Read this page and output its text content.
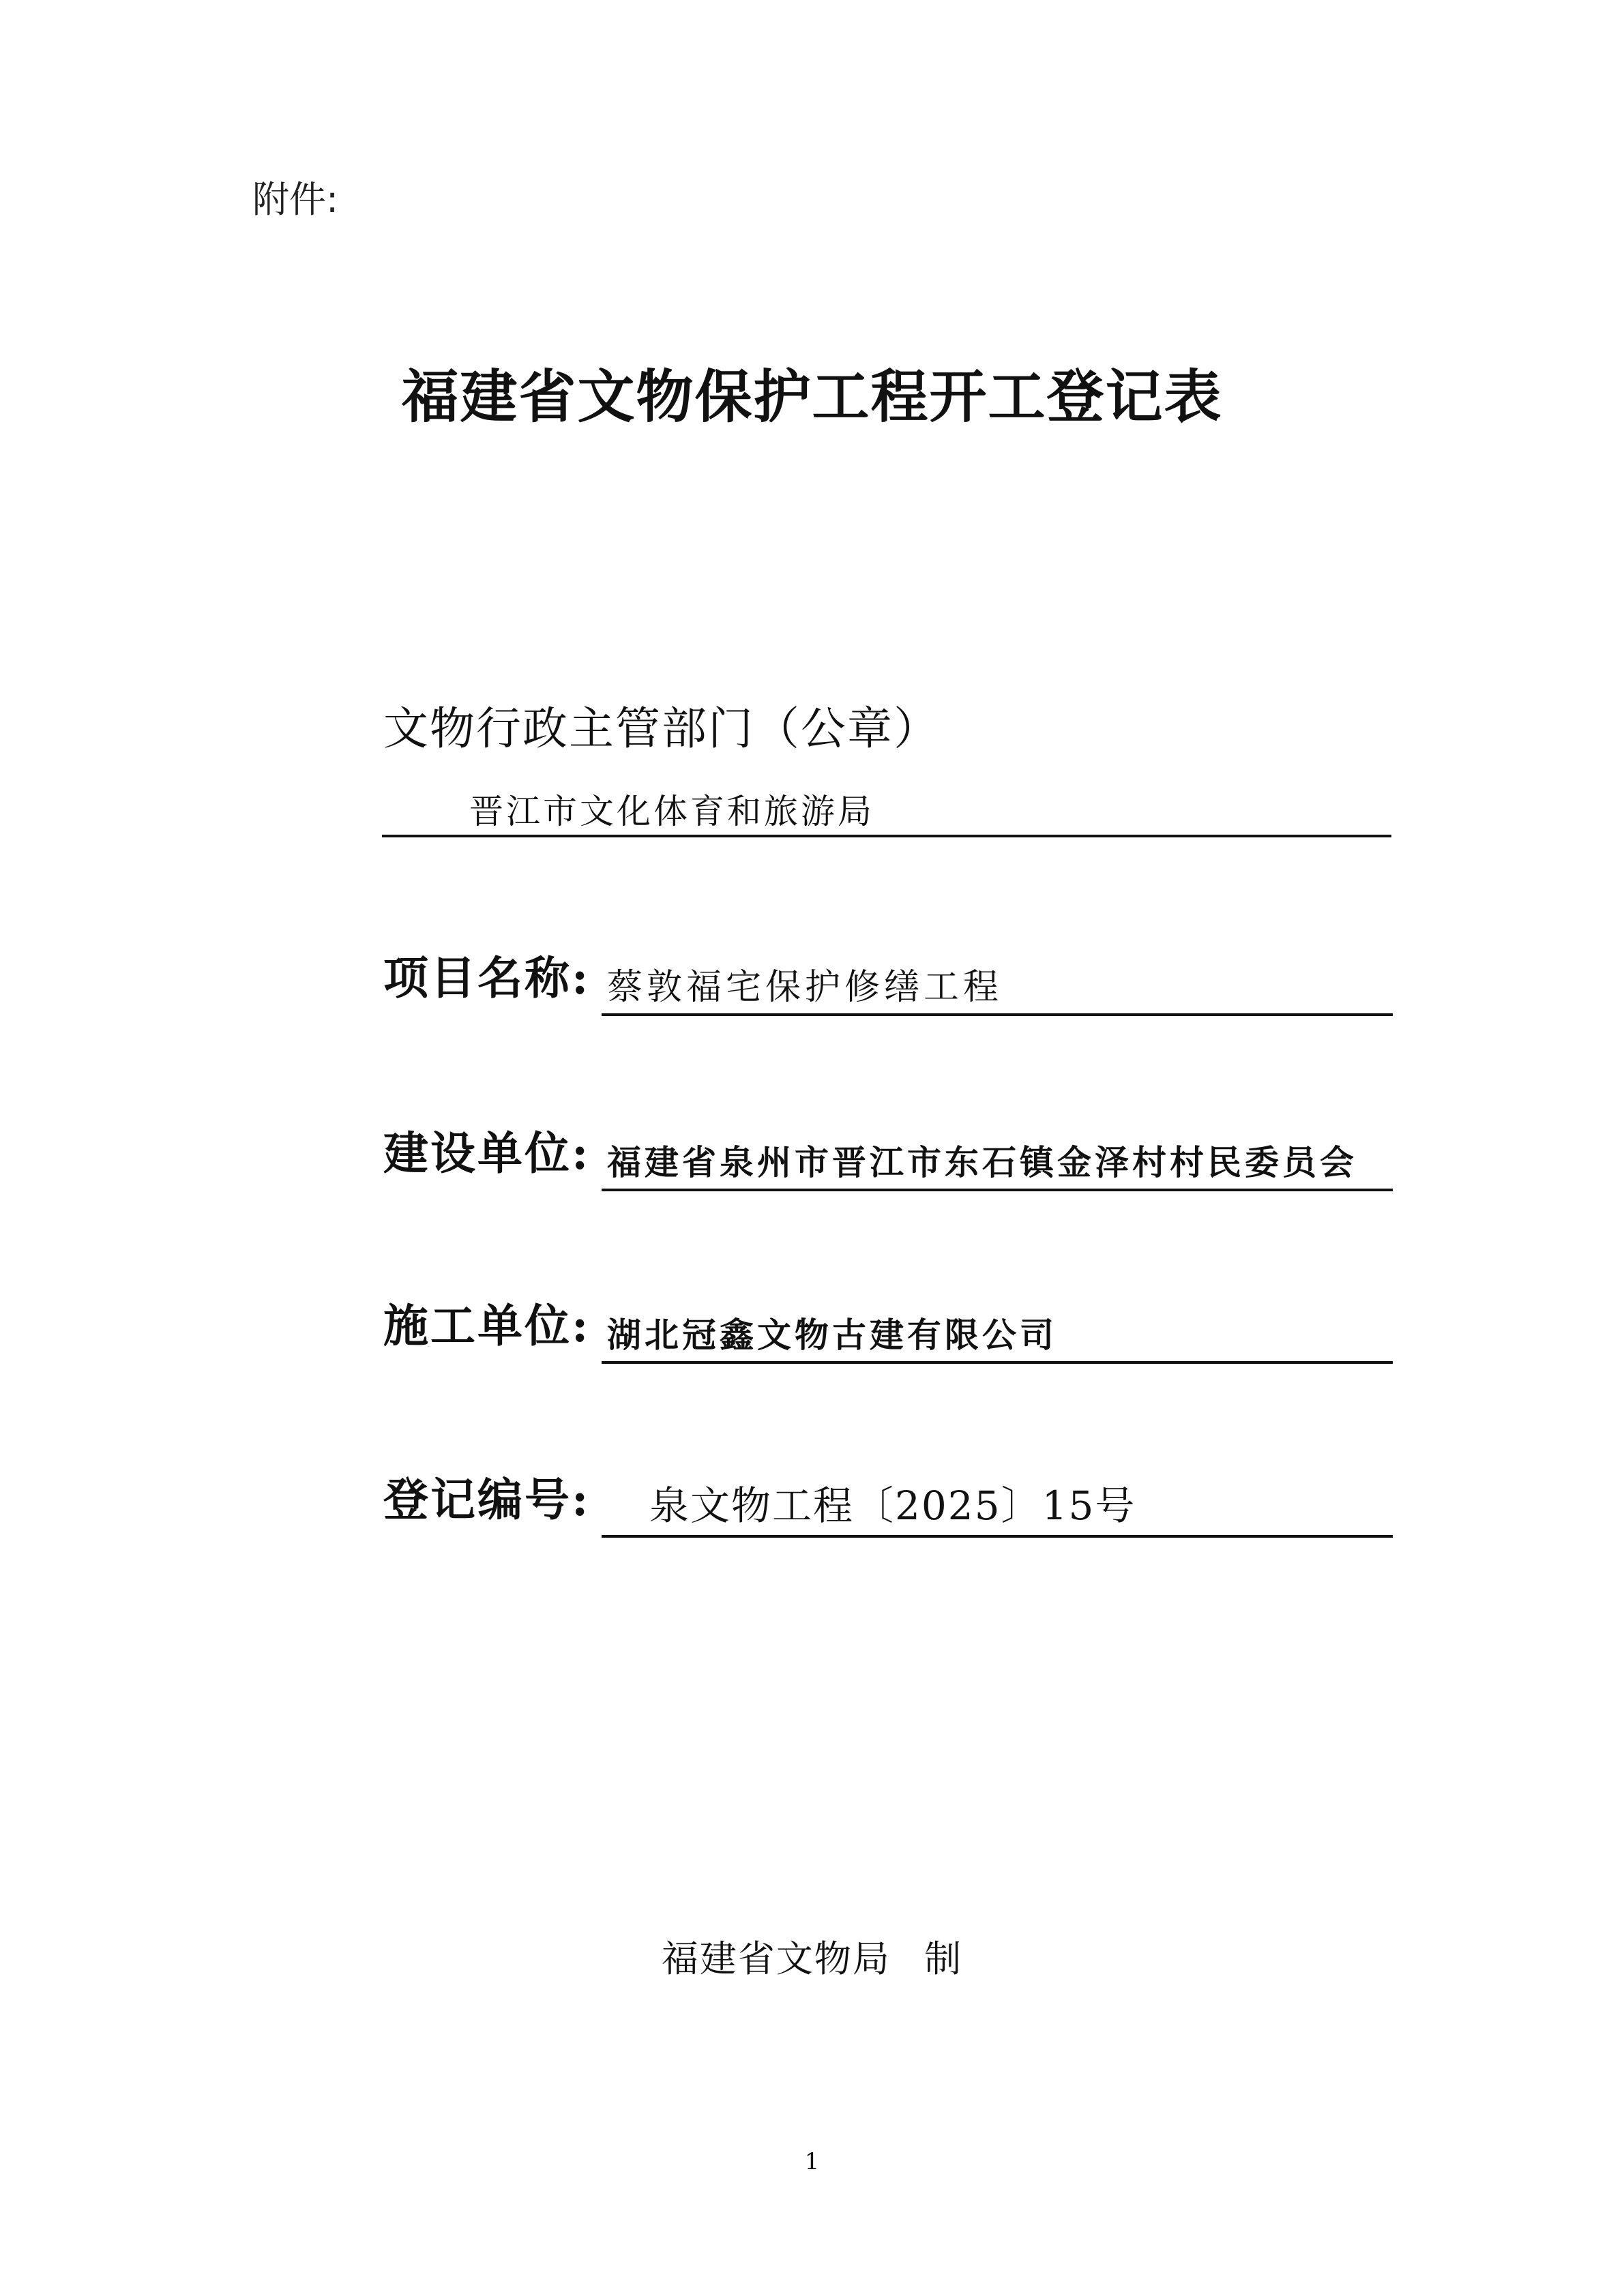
附件:
福建省文物保护工程开工登记表
文物行政主管部门（公章）
晋江市文化体育和旅游局
项目名称: 蔡敦福宅保护修缮工程
建设单位: 福建省泉州市晋江市东石镇金泽村村民委员会
施工单位: 湖北冠鑫文物古建有限公司
登记编号: 泉文物工程〔2025〕15号
福建省文物局 制
1
